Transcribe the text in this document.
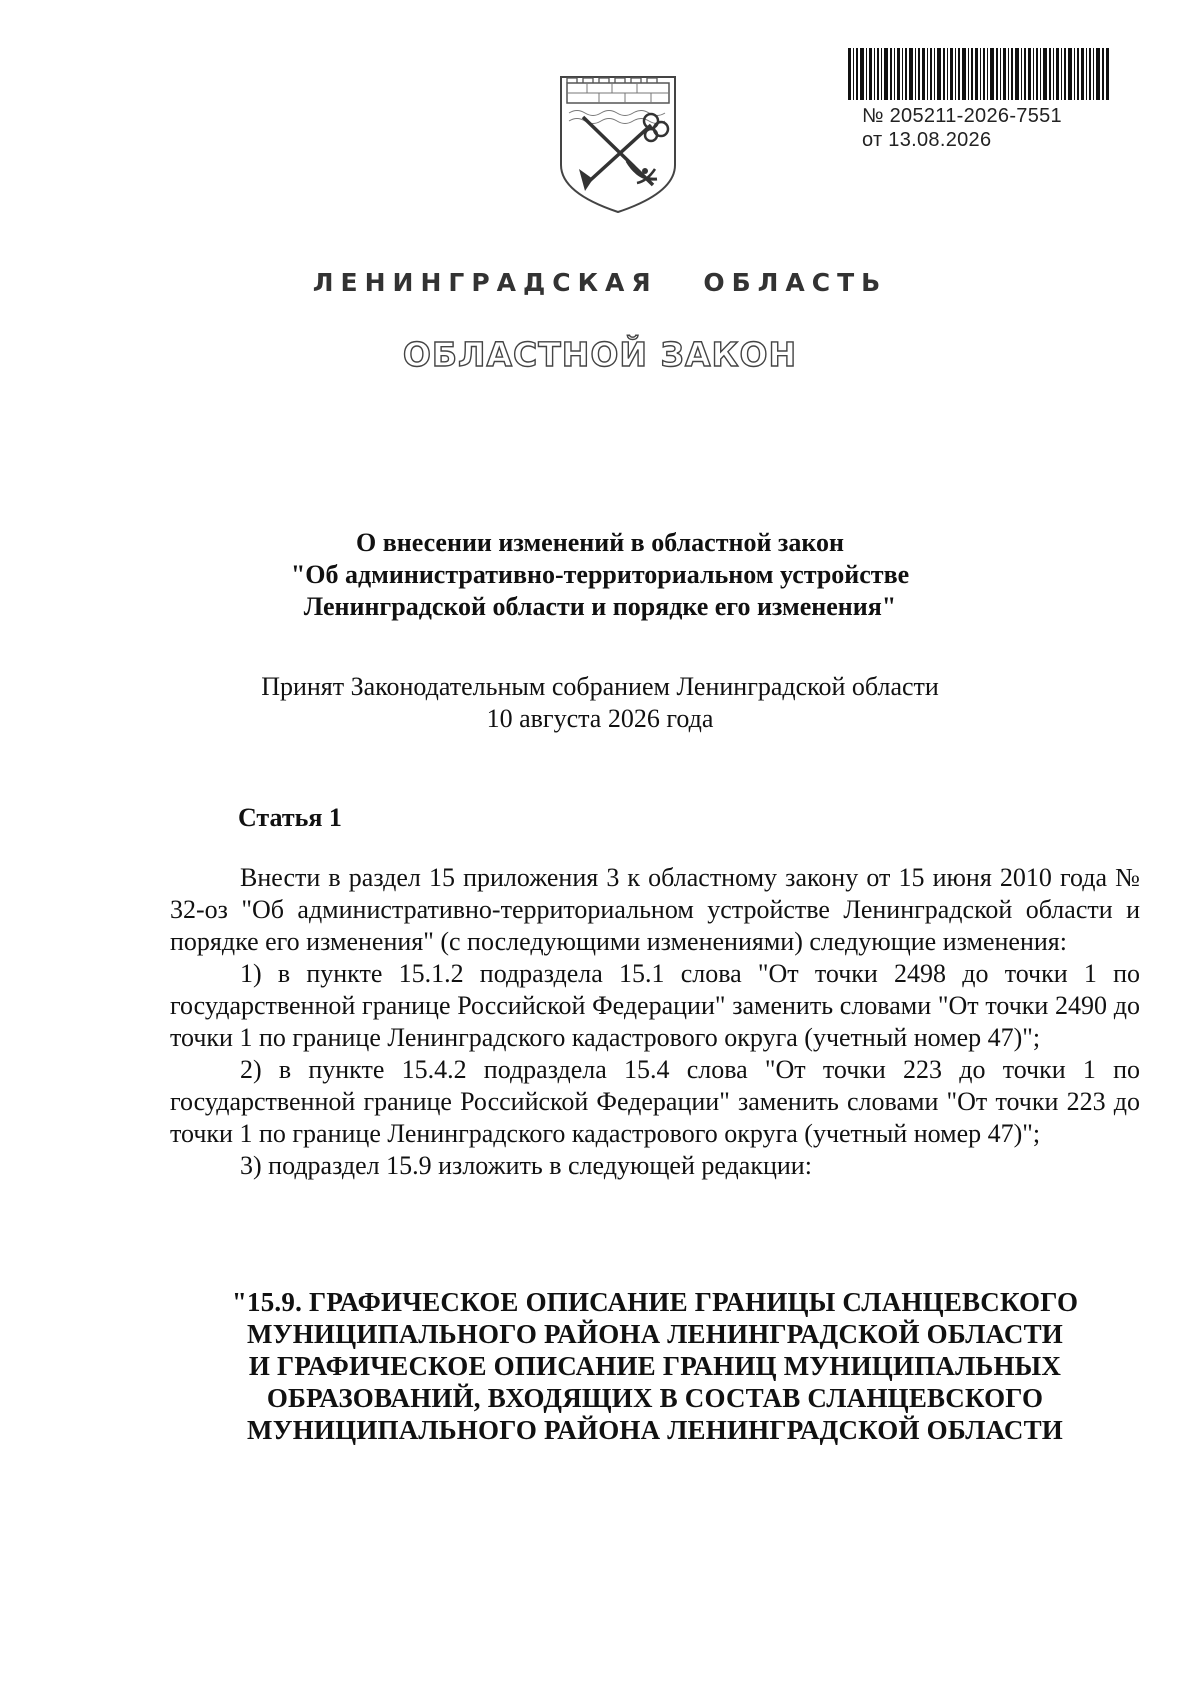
№ 205211-2026-7551
от 13.08.2026
ЛЕНИНГРАДСКАЯ ОБЛАСТЬ
ОБЛАСТНОЙ ЗАКОН
О внесении изменений в областной закон
"Об административно-территориальном устройстве
Ленинградской области и порядке его изменения"
Принят Законодательным собранием Ленинградской области
10 августа 2026 года
Статья 1

Внести в раздел 15 приложения 3 к областному закону от 15 июня 2010 года № 32-оз "Об административно-территориальном устройстве Ленинградской области и порядке его изменения" (с последующими изменениями) следующие изменения:

1) в пункте 15.1.2 подраздела 15.1 слова "От точки 2498 до точки 1 по государственной границе Российской Федерации" заменить словами "От точки 2490 до точки 1 по границе Ленинградского кадастрового округа (учетный номер 47)";

2) в пункте 15.4.2 подраздела 15.4 слова "От точки 223 до точки 1 по государственной границе Российской Федерации" заменить словами "От точки 223 до точки 1 по границе Ленинградского кадастрового округа (учетный номер 47)";

3) подраздел 15.9 изложить в следующей редакции:

"15.9. ГРАФИЧЕСКОЕ ОПИСАНИЕ ГРАНИЦЫ СЛАНЦЕВСКОГО
МУНИЦИПАЛЬНОГО РАЙОНА ЛЕНИНГРАДСКОЙ ОБЛАСТИ
И ГРАФИЧЕСКОЕ ОПИСАНИЕ ГРАНИЦ МУНИЦИПАЛЬНЫХ
ОБРАЗОВАНИЙ, ВХОДЯЩИХ В СОСТАВ СЛАНЦЕВСКОГО
МУНИЦИПАЛЬНОГО РАЙОНА ЛЕНИНГРАДСКОЙ ОБЛАСТИ
